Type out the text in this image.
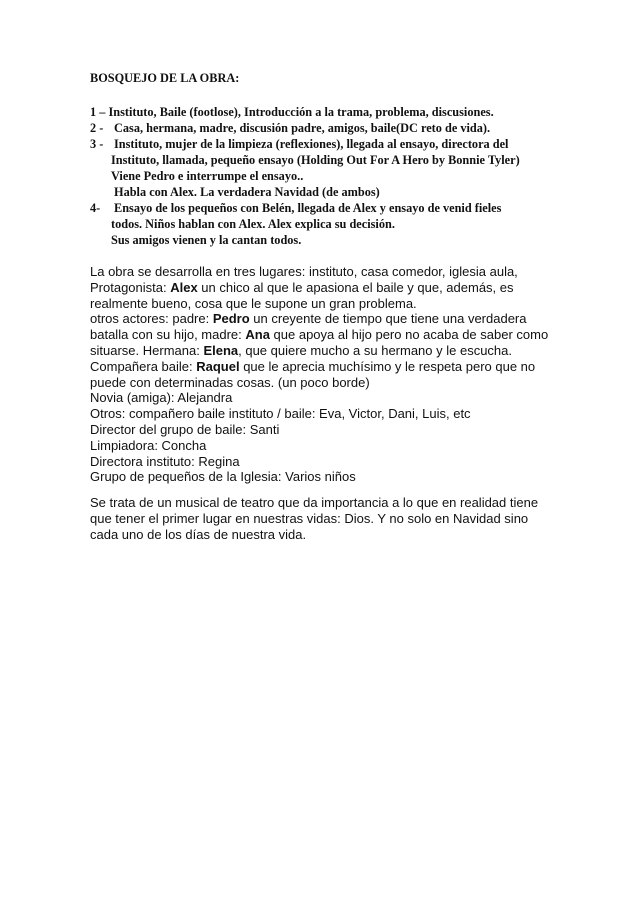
BOSQUEJO DE LA OBRA:

1 – Instituto, Baile (footlose), Introducción a la trama, problema, discusiones.
2 - Casa, hermana, madre, discusión padre, amigos, baile(DC reto de vida).
3 - Instituto, mujer de la limpieza (reflexiones), llegada al ensayo, directora del
Instituto, llamada, pequeño ensayo (Holding Out For A Hero by Bonnie Tyler)
Viene Pedro e interrumpe el ensayo..
Habla con Alex. La verdadera Navidad (de ambos)
4- Ensayo de los pequeños con Belén, llegada de Alex y ensayo de venid fieles
todos. Niños hablan con Alex. Alex explica su decisión.
Sus amigos vienen y la cantan todos.

La obra se desarrolla en tres lugares: instituto, casa comedor, iglesia aula,

Protagonista: Alex un chico al que le apasiona el baile y que, además, es realmente bueno, cosa que le supone un gran problema.

otros actores: padre: Pedro un creyente de tiempo que tiene una verdadera batalla con su hijo, madre: Ana que apoya al hijo pero no acaba de saber como situarse. Hermana: Elena, que quiere mucho a su hermano y le escucha.

Compañera baile: Raquel que le aprecia muchísimo y le respeta pero que no puede con determinadas cosas. (un poco borde)

Novia (amiga): Alejandra

Otros: compañero baile instituto / baile: Eva, Victor, Dani, Luis, etc

Director del grupo de baile: Santi

Limpiadora: Concha

Directora instituto: Regina

Grupo de pequeños de la Iglesia: Varios niños

Se trata de un musical de teatro que da importancia a lo que en realidad tiene que tener el primer lugar en nuestras vidas: Dios. Y no solo en Navidad sino cada uno de los días de nuestra vida.
